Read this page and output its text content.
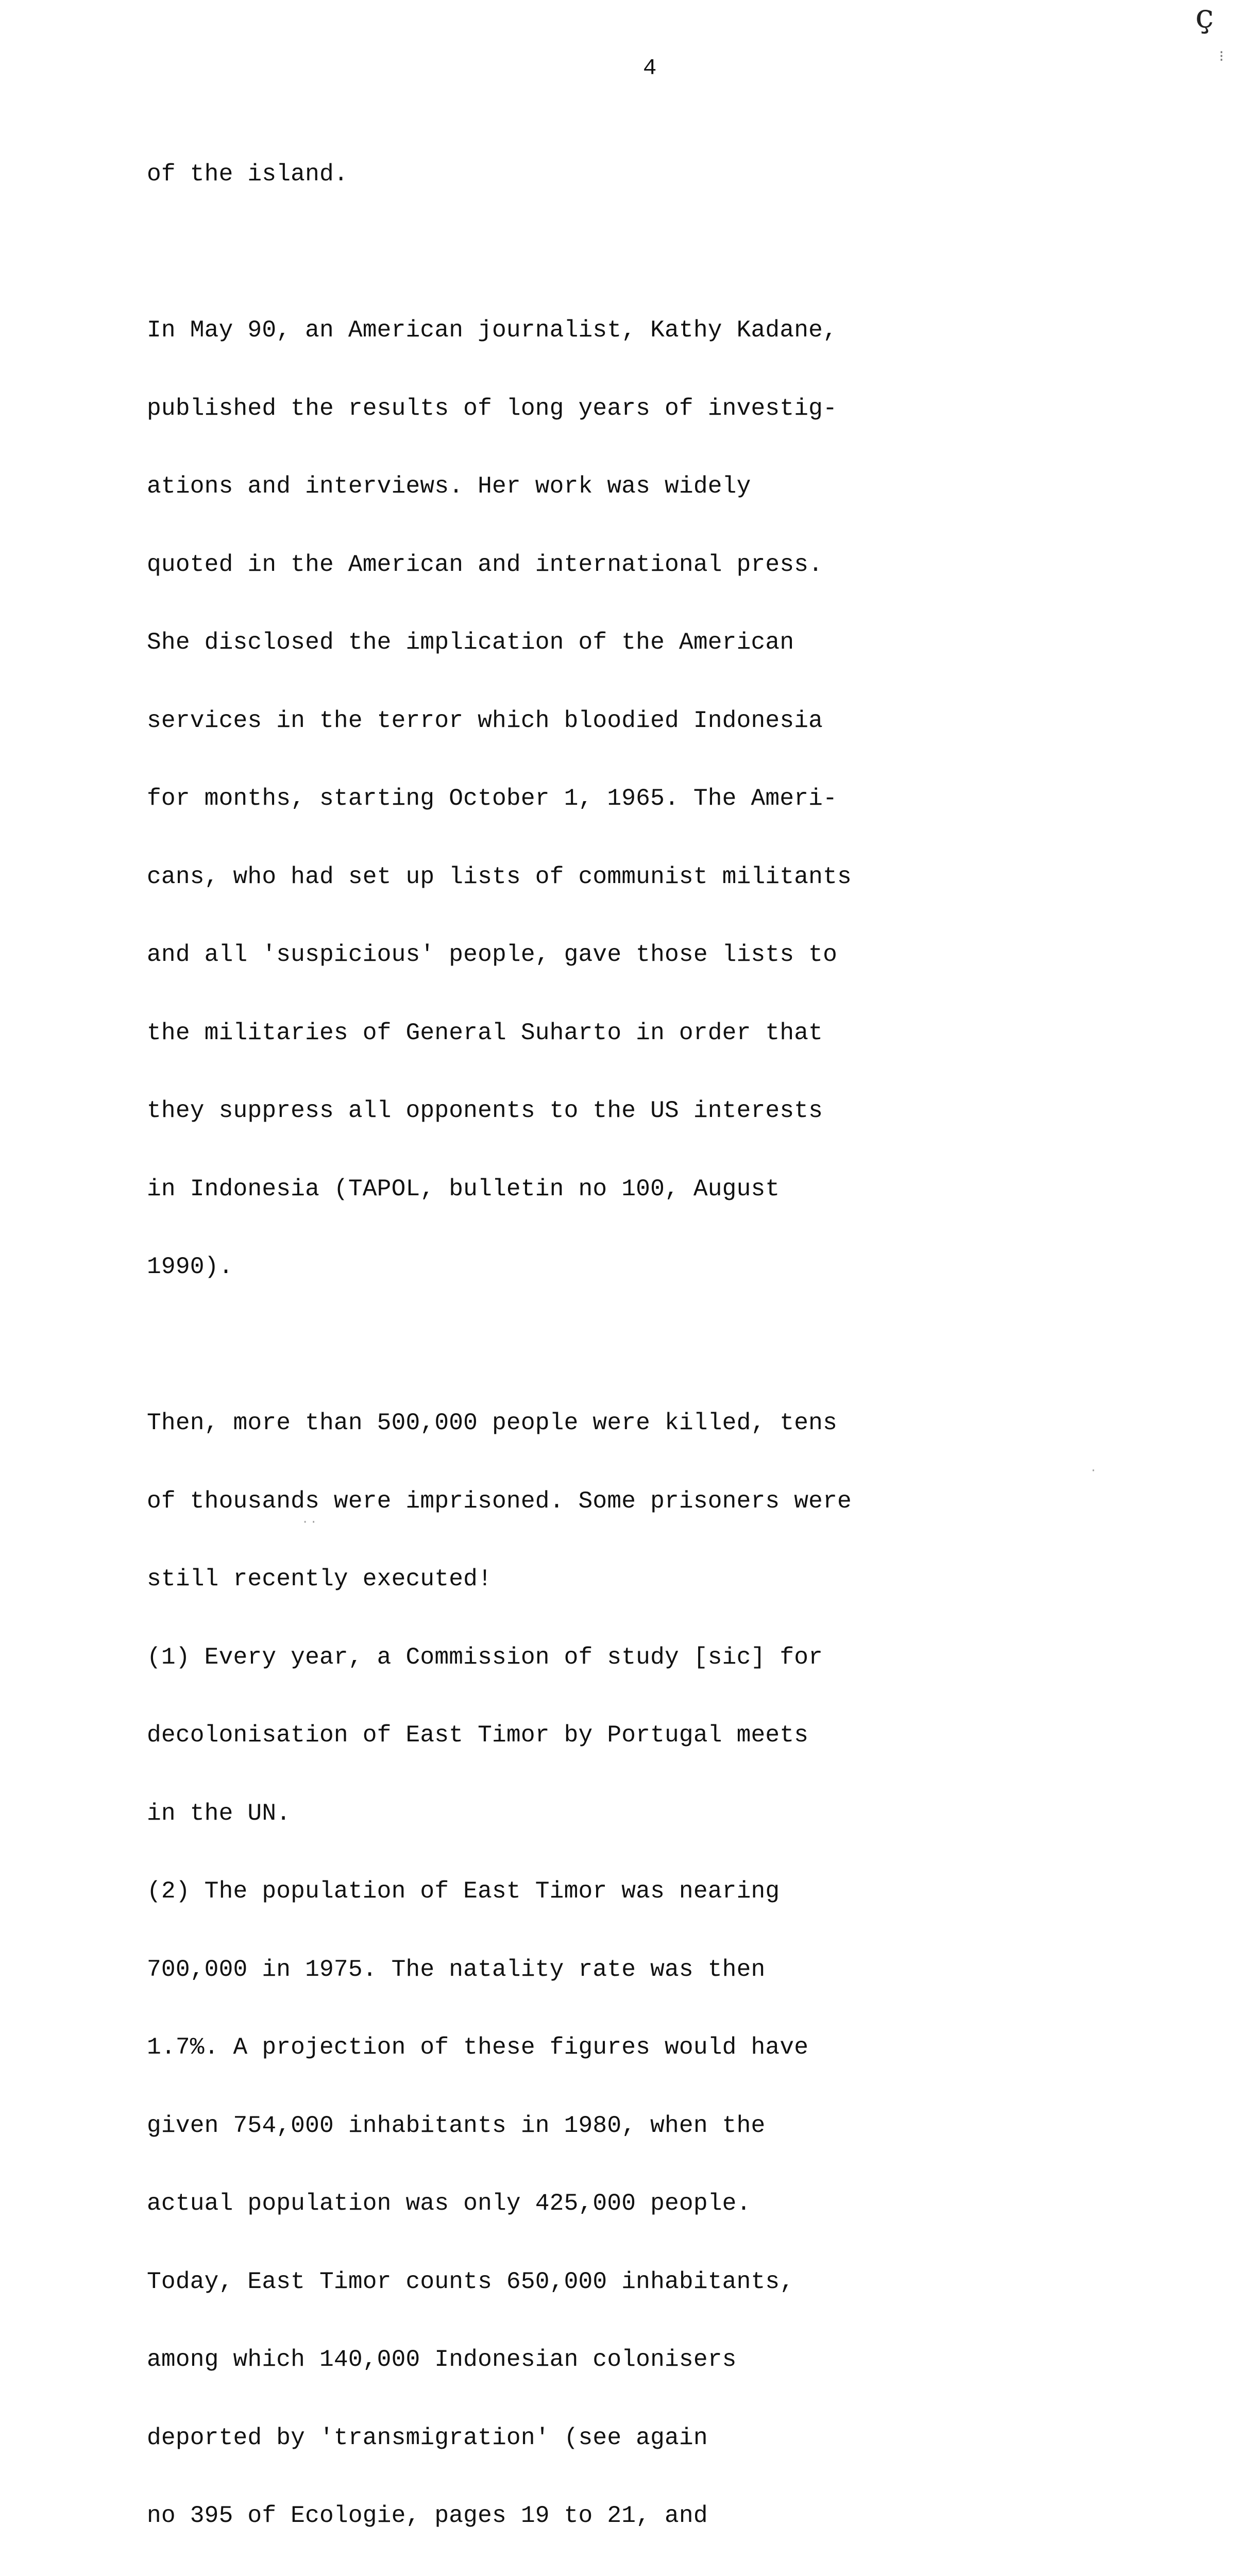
ç
⁝
4

of the island.

In May 90, an American journalist, Kathy Kadane,

published the results of long years of investig-

ations and interviews. Her work was widely

quoted in the American and international press.

She disclosed the implication of the American

services in the terror which bloodied Indonesia

for months, starting October 1, 1965. The Ameri-

cans, who had set up lists of communist militants

and all 'suspicious' people, gave those lists to

the militaries of General Suharto in order that

they suppress all opponents to the US interests

in Indonesia (TAPOL, bulletin no 100, August

1990).

Then, more than 500,000 people were killed, tens

of thousands were imprisoned. Some prisoners were

still recently executed!

(1) Every year, a Commission of study [sic] for

decolonisation of East Timor by Portugal meets

in the UN.

(2) The population of East Timor was nearing

700,000 in 1975. The natality rate was then

1.7%. A projection of these figures would have

given 754,000 inhabitants in 1980, when the

actual population was only 425,000 people.

Today, East Timor counts 650,000 inhabitants,

among which 140,000 Indonesian colonisers

deported by 'transmigration' (see again

no 395 of Ecologie, pages 19 to 21, and

· ·
·
